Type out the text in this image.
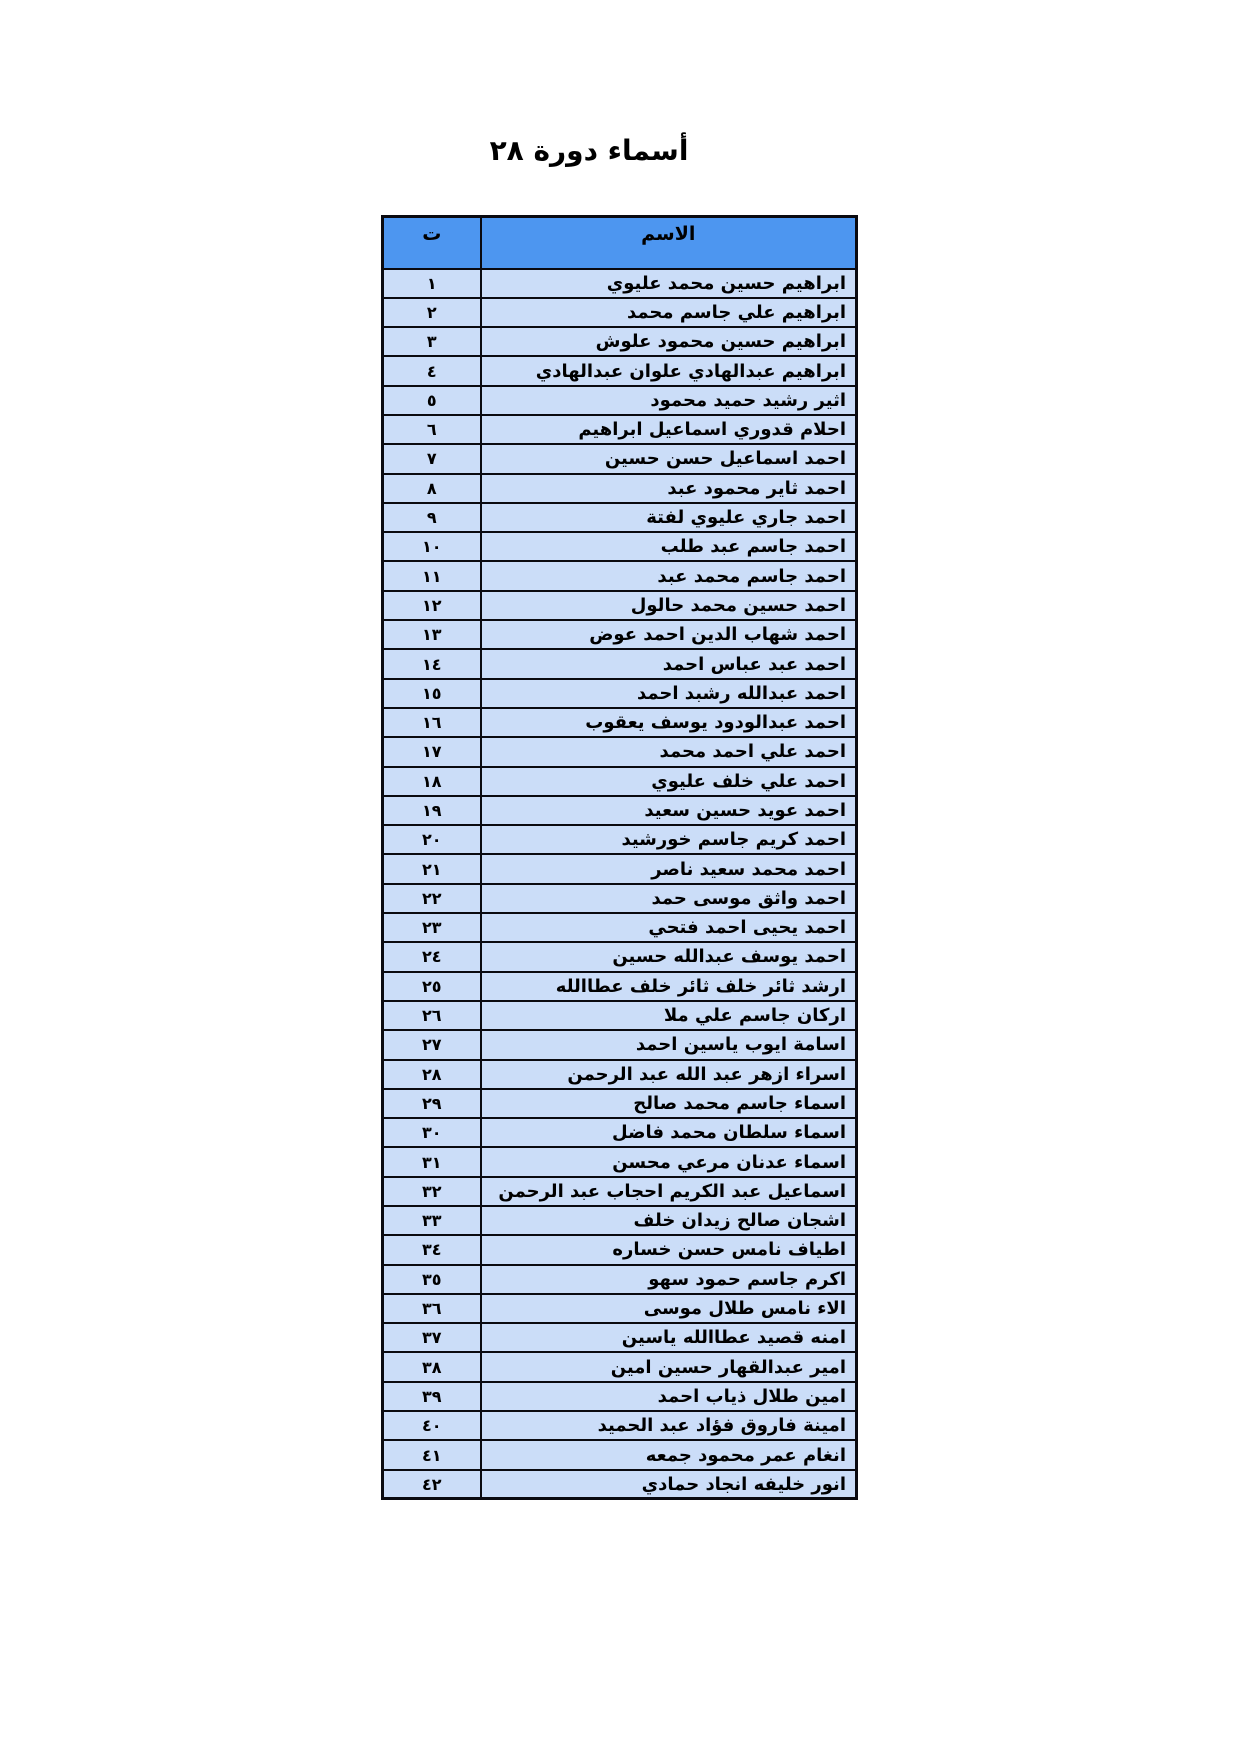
أسماء دورة ٢٨
الاسم	ت
ابراهيم حسين محمد عليوي	١
ابراهيم علي جاسم محمد	٢
ابراهيم حسين محمود علوش	٣
ابراهيم عبدالهادي علوان عبدالهادي	٤
اثير رشيد حميد محمود	٥
احلام قدوري اسماعيل ابراهيم	٦
احمد اسماعيل حسن حسين	٧
احمد ثاير محمود عبد	٨
احمد جاري عليوي لفتة	٩
احمد جاسم عبد طلب	١٠
احمد جاسم محمد عبد	١١
احمد حسين محمد حالول	١٢
احمد شهاب الدين احمد عوض	١٣
احمد عبد عباس احمد	١٤
احمد عبدالله رشبد احمد	١٥
احمد عبدالودود يوسف يعقوب	١٦
احمد علي احمد محمد	١٧
احمد علي خلف عليوي	١٨
احمد عويد حسين سعيد	١٩
احمد كريم جاسم خورشيد	٢٠
احمد محمد سعيد ناصر	٢١
احمد واثق موسى حمد	٢٢
احمد يحيى احمد فتحي	٢٣
احمد يوسف عبدالله حسين	٢٤
ارشد ثائر خلف ثائر خلف عطاالله	٢٥
اركان جاسم علي ملا	٢٦
اسامة ايوب ياسين احمد	٢٧
اسراء ازهر عبد الله عبد الرحمن	٢٨
اسماء جاسم محمد صالح	٢٩
اسماء سلطان محمد فاضل	٣٠
اسماء عدنان مرعي محسن	٣١
اسماعيل عبد الكريم احجاب عبد الرحمن	٣٢
اشجان صالح زيدان خلف	٣٣
اطياف نامس حسن خساره	٣٤
اكرم جاسم حمود سهو	٣٥
الاء نامس طلال موسى	٣٦
امنه قصيد عطاالله ياسين	٣٧
امير عبدالقهار حسين امين	٣٨
امين طلال ذياب احمد	٣٩
امينة فاروق فؤاد عبد الحميد	٤٠
انغام عمر محمود جمعه	٤١
انور خليفه انجاد حمادي	٤٢
